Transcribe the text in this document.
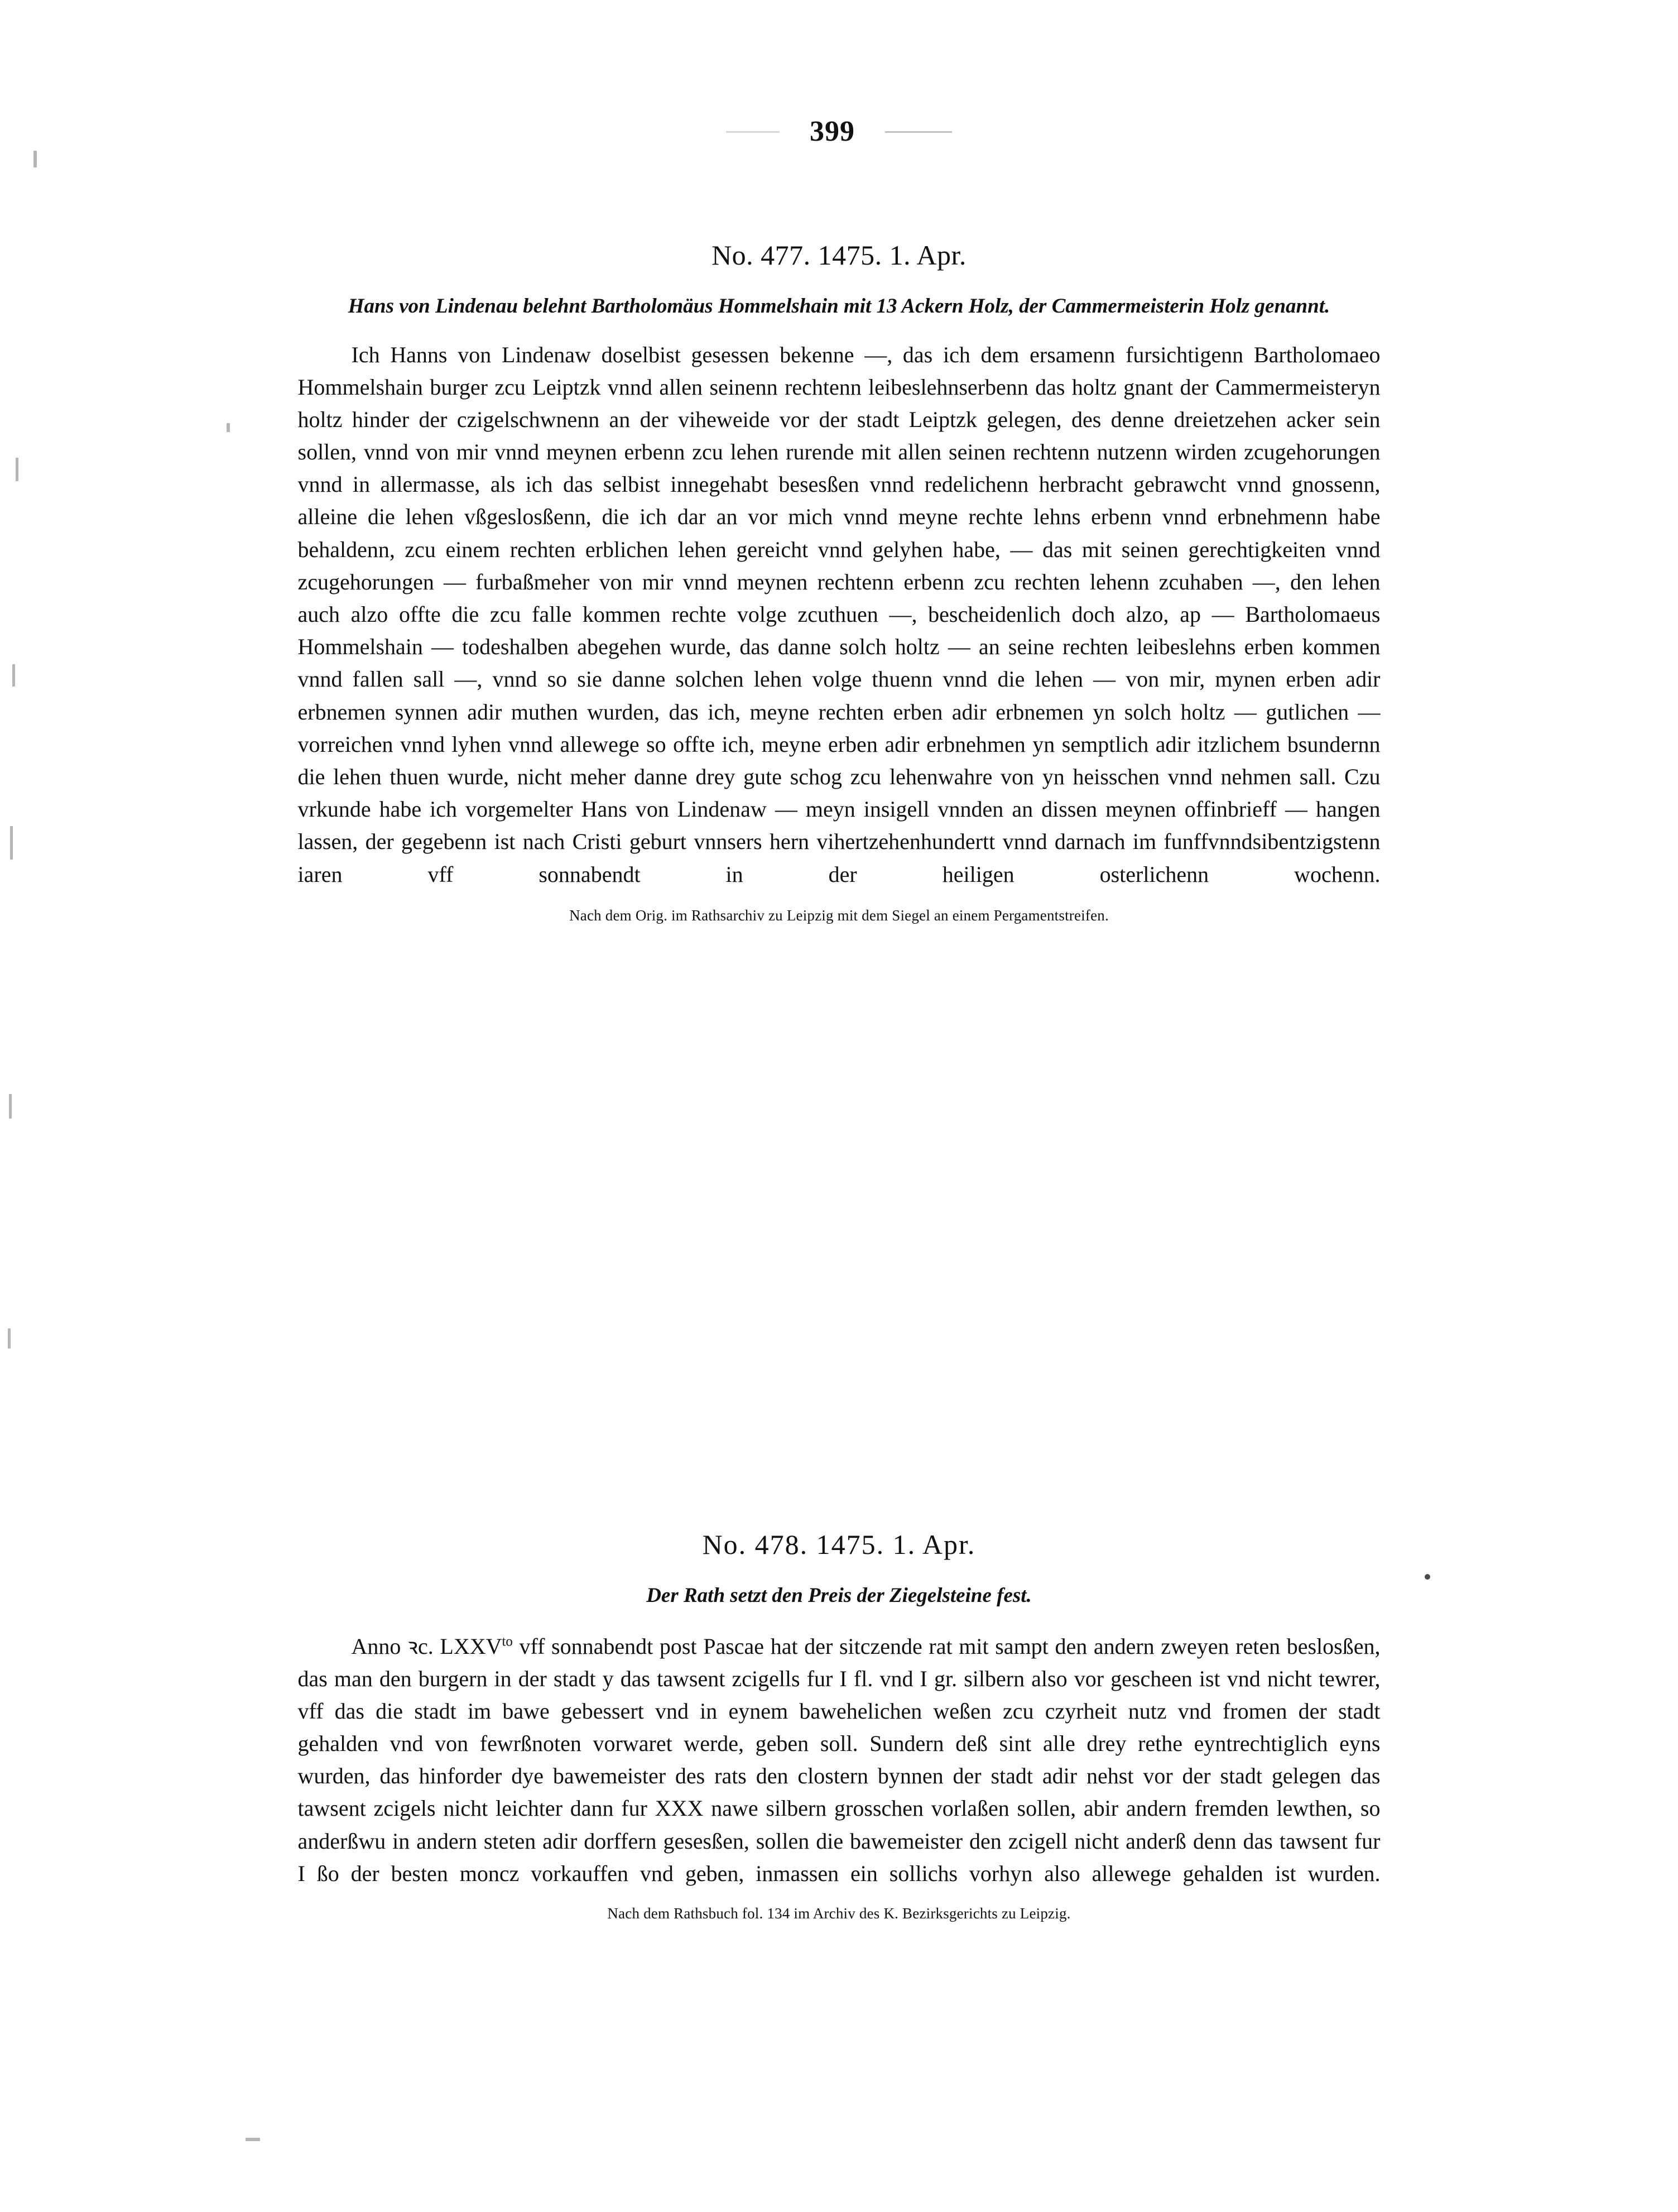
399
No. 477. 1475. 1. Apr.

Hans von Lindenau belehnt Bartholomäus Hommelshain mit 13 Ackern Holz, der Cammermeisterin Holz genannt.

Ich Hanns von Lindenaw doselbist gesessen bekenne —, das ich dem ersamenn fursichtigenn Bartholomaeo Hommelshain burger zcu Leiptzk vnnd allen seinenn rechtenn leibeslehnserbenn das holtz gnant der Cammermeisteryn holtz hinder der czigelschwnenn an der viheweide vor der stadt Leiptzk gelegen, des denne dreietzehen acker sein sollen, vnnd von mir vnnd meynen erbenn zcu lehen rurende mit allen seinen rechtenn nutzenn wirden zcugehorungen vnnd in allermasse, als ich das selbist innegehabt besesßen vnnd redelichenn herbracht gebrawcht vnnd gnossenn, alleine die lehen vßgeslosßenn, die ich dar an vor mich vnnd meyne rechte lehns erbenn vnnd erbnehmenn habe behaldenn, zcu einem rechten erblichen lehen gereicht vnnd gelyhen habe, — das mit seinen gerechtigkeiten vnnd zcugehorungen — furbaßmeher von mir vnnd meynen rechtenn erbenn zcu rechten lehenn zcuhaben —, den lehen auch alzo offte die zcu falle kommen rechte volge zcuthuen —, bescheidenlich doch alzo, ap — Bartholomaeus Hommelshain — todeshalben abegehen wurde, das danne solch holtz — an seine rechten leibeslehns erben kommen vnnd fallen sall —, vnnd so sie danne solchen lehen volge thuenn vnnd die lehen — von mir, mynen erben adir erbnemen synnen adir muthen wurden, das ich, meyne rechten erben adir erbnemen yn solch holtz — gutlichen — vorreichen vnnd lyhen vnnd allewege so offte ich, meyne erben adir erbnehmen yn semptlich adir itzlichem bsundernn die lehen thuen wurde, nicht meher danne drey gute schog zcu lehenwahre von yn heisschen vnnd nehmen sall. Czu vrkunde habe ich vorgemelter Hans von Lindenaw — meyn insigell vnnden an dissen meynen offinbrieff — hangen lassen, der gegebenn ist nach Cristi geburt vnnsers hern vihertzehenhundertt vnnd darnach im funffvnndsibentzigstenn iaren vff sonnabendt in der heiligen osterlichenn wochenn.

Nach dem Orig. im Rathsarchiv zu Leipzig mit dem Siegel an einem Pergamentstreifen.

No. 478. 1475. 1. Apr.

Der Rath setzt den Preis der Ziegelsteine fest.

Anno ꝛc. $LXXV^{to}$ vff sonnabendt post Pascae hat der sitczende rat mit sampt den andern zweyen reten beslosßen, das man den burgern in der stadt y das tawsent zcigells fur I fl. vnd I gr. silbern also vor gescheen ist vnd nicht tewrer, vff das die stadt im bawe gebessert vnd in eynem bawehelichen weßen zcu czyrheit nutz vnd fromen der stadt gehalden vnd von fewrßnoten vorwaret werde, geben soll. Sundern deß sint alle drey rethe eyntrechtiglich eyns wurden, das hinforder dye bawemeister des rats den clostern bynnen der stadt adir nehst vor der stadt gelegen das tawsent zcigels nicht leichter dann fur XXX nawe silbern grosschen vorlaßen sollen, abir andern fremden lewthen, so anderßwu in andern steten adir dorffern gesesßen, sollen die bawemeister den zcigell nicht anderß denn das tawsent fur I ßo der besten moncz vorkauffen vnd geben, inmassen ein sollichs vorhyn also allewege gehalden ist wurden.

Nach dem Rathsbuch fol. 134 im Archiv des K. Bezirksgerichts zu Leipzig.
